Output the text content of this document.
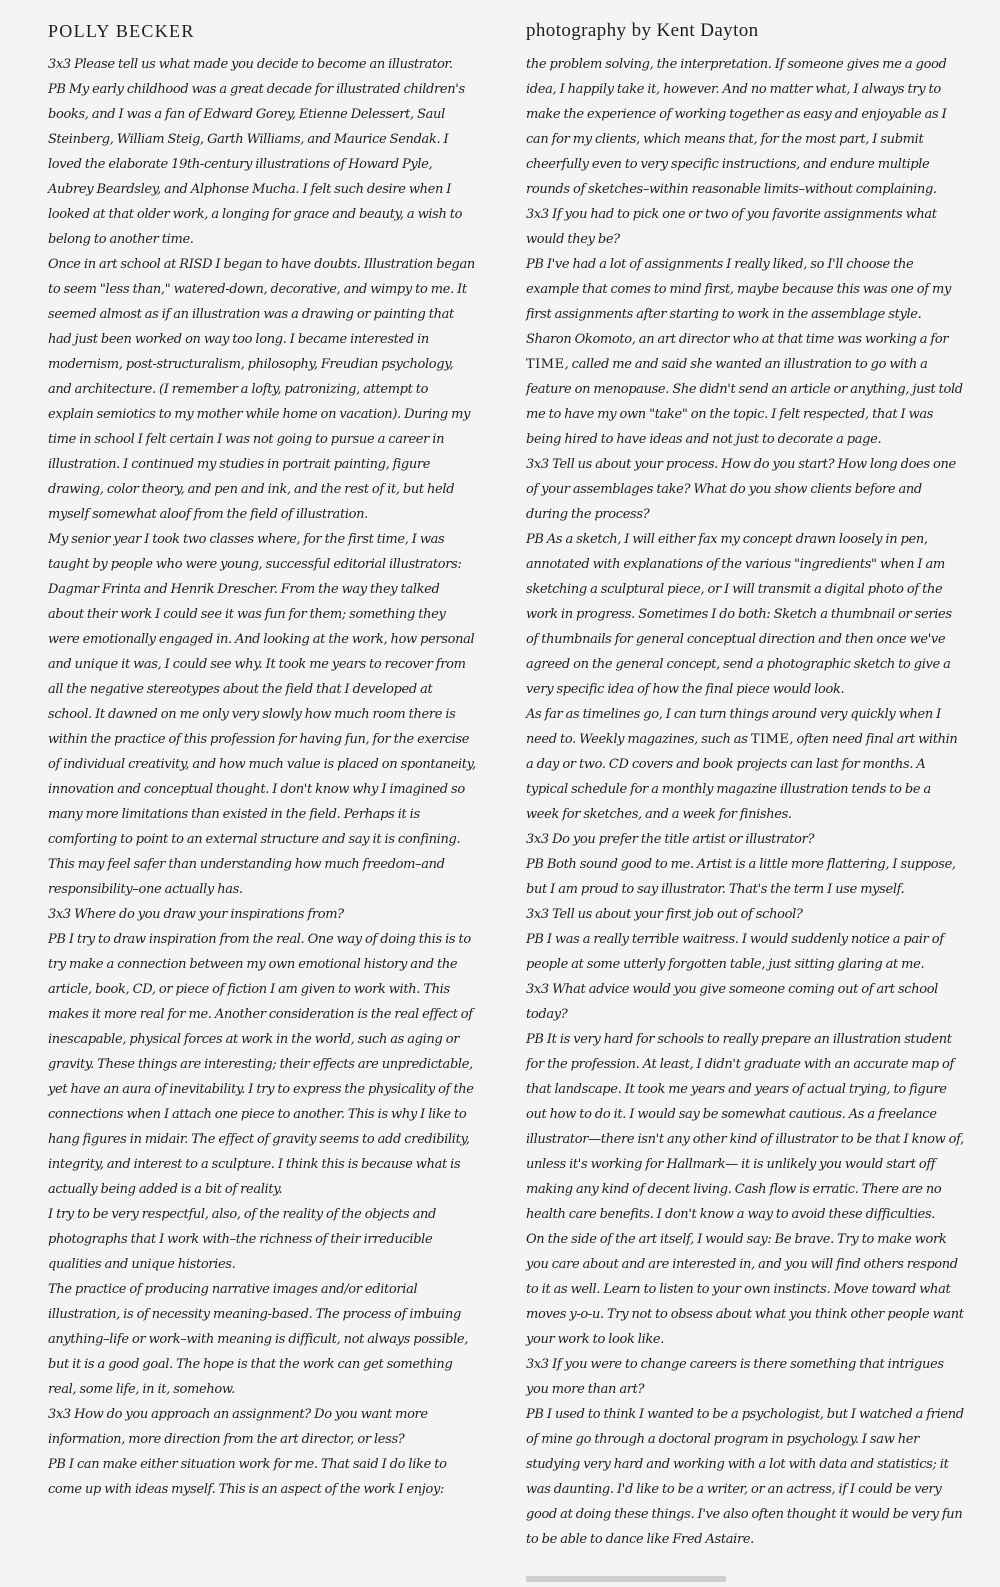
POLLY BECKER

3x3 Please tell us what made you decide to become an illustrator.

PB My early childhood was a great decade for illustrated children's books, and I was a fan of Edward Gorey, Etienne Delessert, Saul Steinberg, William Steig, Garth Williams, and Maurice Sendak. I loved the elaborate 19th-century illustrations of Howard Pyle, Aubrey Beardsley, and Alphonse Mucha. I felt such desire when I looked at that older work, a longing for grace and beauty, a wish to belong to another time.

Once in art school at RISD I began to have doubts. Illustration began to seem "less than," watered-down, decorative, and wimpy to me. It seemed almost as if an illustration was a drawing or painting that had just been worked on way too long. I became interested in modernism, post-structuralism, philosophy, Freudian psychology, and architecture. (I remember a lofty, patronizing, attempt to explain semiotics to my mother while home on vacation). During my time in school I felt certain I was not going to pursue a career in illustration. I continued my studies in portrait painting, figure drawing, color theory, and pen and ink, and the rest of it, but held myself somewhat aloof from the field of illustration.

My senior year I took two classes where, for the first time, I was taught by people who were young, successful editorial illustrators: Dagmar Frinta and Henrik Drescher. From the way they talked about their work I could see it was fun for them; something they were emotionally engaged in. And looking at the work, how personal and unique it was, I could see why. It took me years to recover from all the negative stereotypes about the field that I developed at school. It dawned on me only very slowly how much room there is within the practice of this profession for having fun, for the exercise of individual creativity, and how much value is placed on spontaneity, innovation and conceptual thought. I don't know why I imagined so many more limitations than existed in the field. Perhaps it is comforting to point to an external structure and say it is confining. This may feel safer than understanding how much freedom–and responsibility–one actually has.

3x3 Where do you draw your inspirations from?

PB I try to draw inspiration from the real. One way of doing this is to try make a connection between my own emotional history and the article, book, CD, or piece of fiction I am given to work with. This makes it more real for me. Another consideration is the real effect of inescapable, physical forces at work in the world, such as aging or gravity. These things are interesting; their effects are unpredictable, yet have an aura of inevitability. I try to express the physicality of the connections when I attach one piece to another. This is why I like to hang figures in midair. The effect of gravity seems to add credibility, integrity, and interest to a sculpture. I think this is because what is actually being added is a bit of reality.

I try to be very respectful, also, of the reality of the objects and photographs that I work with–the richness of their irreducible qualities and unique histories.

The practice of producing narrative images and/or editorial illustration, is of necessity meaning-based. The process of imbuing anything–life or work–with meaning is difficult, not always possible, but it is a good goal. The hope is that the work can get something real, some life, in it, somehow.

3x3 How do you approach an assignment? Do you want more information, more direction from the art director, or less?

PB I can make either situation work for me. That said I do like to come up with ideas myself. This is an aspect of the work I enjoy:

photography by Kent Dayton

the problem solving, the interpretation. If someone gives me a good idea, I happily take it, however. And no matter what, I always try to make the experience of working together as easy and enjoyable as I can for my clients, which means that, for the most part, I submit cheerfully even to very specific instructions, and endure multiple rounds of sketches–within reasonable limits–without complaining.

3x3 If you had to pick one or two of you favorite assignments what would they be?

PB I've had a lot of assignments I really liked, so I'll choose the example that comes to mind first, maybe because this was one of my first assignments after starting to work in the assemblage style. Sharon Okomoto, an art director who at that time was working a for TIME, called me and said she wanted an illustration to go with a feature on menopause. She didn't send an article or anything, just told me to have my own "take" on the topic. I felt respected, that I was being hired to have ideas and not just to decorate a page.

3x3 Tell us about your process. How do you start? How long does one of your assemblages take? What do you show clients before and during the process?

PB As a sketch, I will either fax my concept drawn loosely in pen, annotated with explanations of the various "ingredients" when I am sketching a sculptural piece, or I will transmit a digital photo of the work in progress. Sometimes I do both: Sketch a thumbnail or series of thumbnails for general conceptual direction and then once we've agreed on the general concept, send a photographic sketch to give a very specific idea of how the final piece would look.

As far as timelines go, I can turn things around very quickly when I need to. Weekly magazines, such as TIME, often need final art within a day or two. CD covers and book projects can last for months. A typical schedule for a monthly magazine illustration tends to be a week for sketches, and a week for finishes.

3x3 Do you prefer the title artist or illustrator?

PB Both sound good to me. Artist is a little more flattering, I suppose, but I am proud to say illustrator. That's the term I use myself.

3x3 Tell us about your first job out of school?

PB I was a really terrible waitress. I would suddenly notice a pair of people at some utterly forgotten table, just sitting glaring at me.

3x3 What advice would you give someone coming out of art school today?

PB It is very hard for schools to really prepare an illustration student for the profession. At least, I didn't graduate with an accurate map of that landscape. It took me years and years of actual trying, to figure out how to do it. I would say be somewhat cautious. As a freelance illustrator—there isn't any other kind of illustrator to be that I know of, unless it's working for Hallmark— it is unlikely you would start off making any kind of decent living. Cash flow is erratic. There are no health care benefits. I don't know a way to avoid these difficulties.

On the side of the art itself, I would say: Be brave. Try to make work you care about and are interested in, and you will find others respond to it as well. Learn to listen to your own instincts. Move toward what moves y-o-u. Try not to obsess about what you think other people want your work to look like.

3x3 If you were to change careers is there something that intrigues you more than art?

PB I used to think I wanted to be a psychologist, but I watched a friend of mine go through a doctoral program in psychology. I saw her studying very hard and working with a lot with data and statistics; it was daunting. I'd like to be a writer, or an actress, if I could be very good at doing these things. I've also often thought it would be very fun to be able to dance like Fred Astaire.
